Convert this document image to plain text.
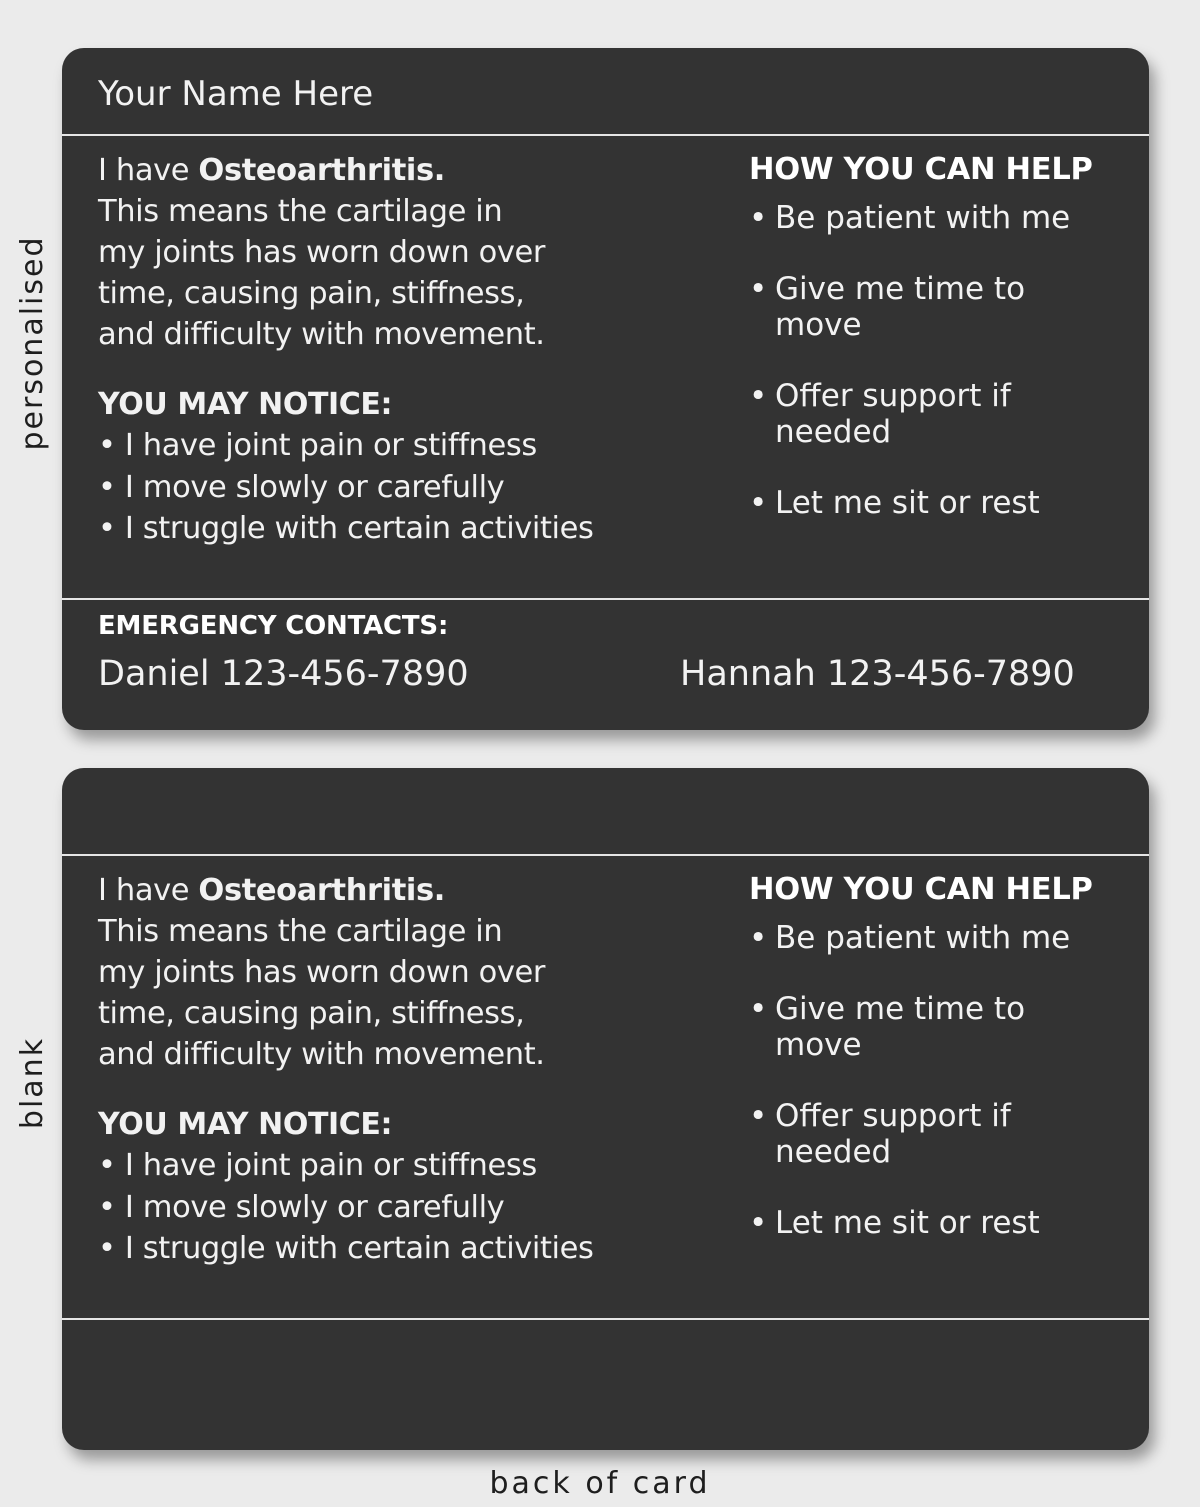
personalised
blank
Your Name Here
I have Osteoarthritis.
This means the cartilage in
my joints has worn down over
time, causing pain, stiffness,
and difficulty with movement.
YOU MAY NOTICE:
• I have joint pain or stiffness
• I move slowly or carefully
• I struggle with certain activities
HOW YOU CAN HELP
• Be patient with me
• Give me time to move
• Offer support if needed
• Let me sit or rest
EMERGENCY CONTACTS:
Daniel 123-456-7890	Hannah 123-456-7890
I have Osteoarthritis.
This means the cartilage in
my joints has worn down over
time, causing pain, stiffness,
and difficulty with movement.
YOU MAY NOTICE:
• I have joint pain or stiffness
• I move slowly or carefully
• I struggle with certain activities
HOW YOU CAN HELP
• Be patient with me
• Give me time to move
• Offer support if needed
• Let me sit or rest
back of card
